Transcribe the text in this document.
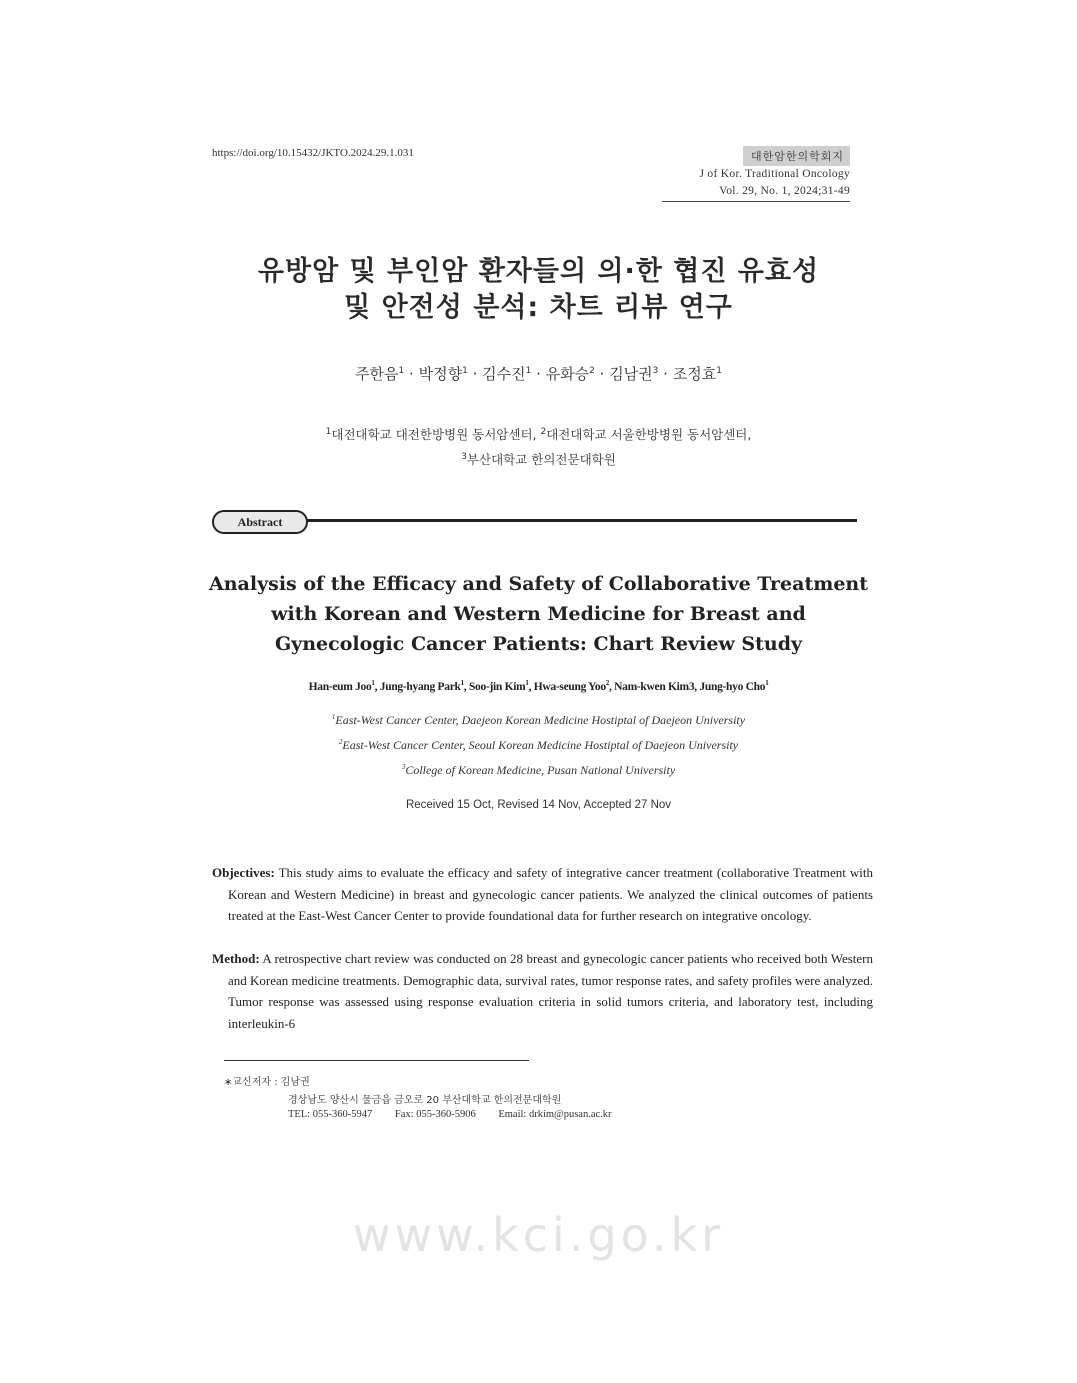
https://doi.org/10.15432/JKTO.2024.29.1.031	대한암한의학회지
J of Kor. Traditional Oncology
Vol. 29, No. 1, 2024;31-49
유방암 및 부인암 환자들의 의·한 협진 유효성
및 안전성 분석: 차트 리뷰 연구
주한음$^1$ · 박정향$^1$ · 김수진$^1$ · 유화승$^2$ · 김남권$^3$ · 조정효$^1$
$^1$대전대학교 대전한방병원 동서암센터, $^2$대전대학교 서울한방병원 동서암센터,
$^3$부산대학교 한의전문대학원
Abstract
Analysis of the Efficacy and Safety of Collaborative Treatment
with Korean and Western Medicine for Breast and
Gynecologic Cancer Patients: Chart Review Study
Han-eum Joo$^1$, Jung-hyang Park$^1$, Soo-jin Kim$^1$, Hwa-seung Yoo$^2$, Nam-kwen Kim3, Jung-hyo Cho$^1$
$^1$East-West Cancer Center, Daejeon Korean Medicine Hostiptal of Daejeon University
$^2$East-West Cancer Center, Seoul Korean Medicine Hostiptal of Daejeon University
$^3$College of Korean Medicine, Pusan National University
Received 15 Oct, Revised 14 Nov, Accepted 27 Nov
Objectives: This study aims to evaluate the efficacy and safety of integrative cancer treatment (collaborative Treatment with Korean and Western Medicine) in breast and gynecologic cancer patients. We analyzed the clinical outcomes of patients treated at the East-West Cancer Center to provide foundational data for further research on integrative oncology.
Method: A retrospective chart review was conducted on 28 breast and gynecologic cancer patients who received both Western and Korean medicine treatments. Demographic data, survival rates, tumor response rates, and safety profiles were analyzed. Tumor response was assessed using response evaluation criteria in solid tumors criteria, and laboratory test, including interleukin-6
∗교신저자 : 김남권
경상남도 양산시 물금읍 금오로 20 부산대학교 한의전문대학원
TEL: 055-360-5947 Fax: 055-360-5906 Email: drkim@pusan.ac.kr
www.kci.go.kr
